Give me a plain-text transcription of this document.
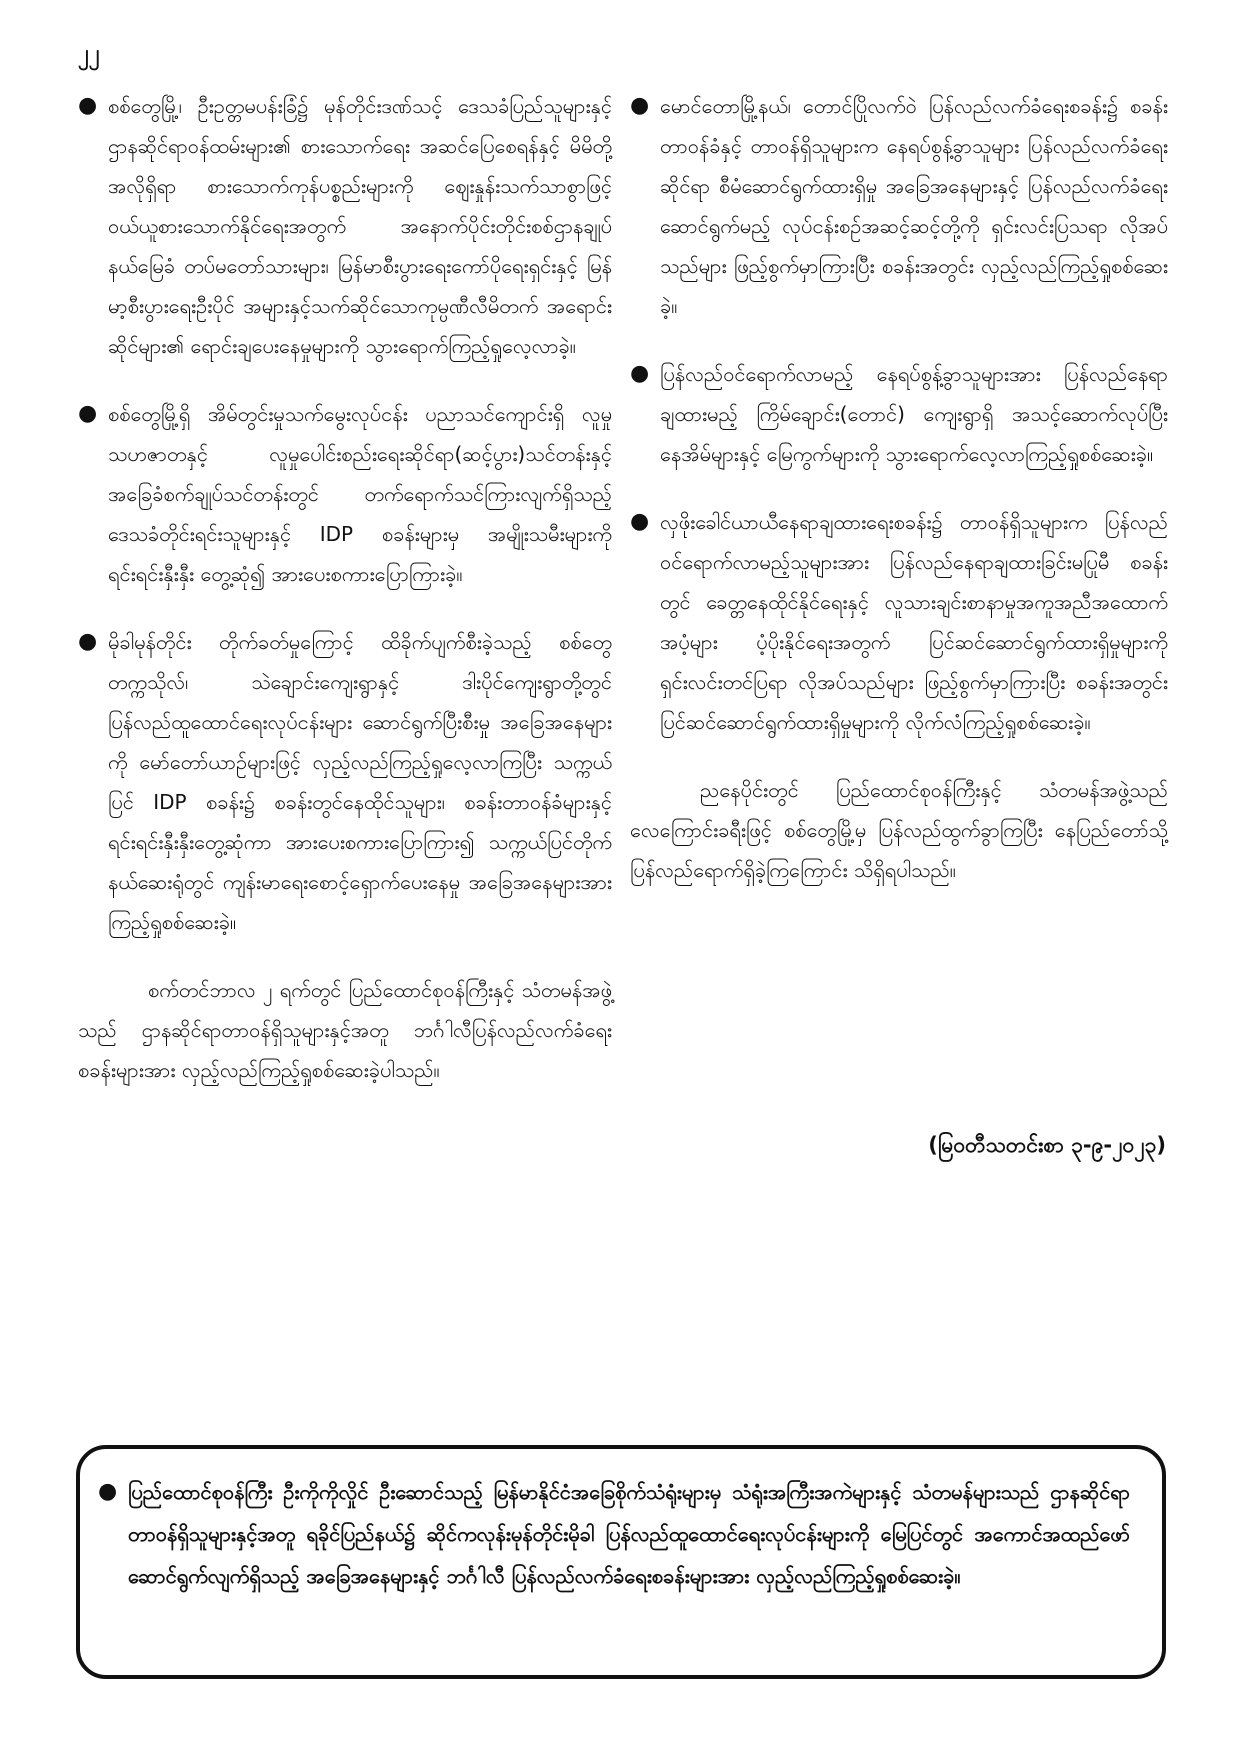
၂၂
● စစ်တွေမြို့၊ ဦးဥတ္တမပန်းခြံ၌ မုန်တိုင်းဒဏ်သင့် ဒေသခံပြည်သူများနှင့် ဌာနဆိုင်ရာဝန်ထမ်းများ၏ စားသောက်ရေး အဆင်ပြေစေရန်နှင့် မိမိတို့အလိုရှိရာ စားသောက်ကုန်ပစ္စည်းများကို ဈေးနှုန်းသက်သာစွာဖြင့် ဝယ်ယူစားသောက်နိုင်ရေးအတွက် အနောက်ပိုင်းတိုင်းစစ်ဌာနချုပ်နယ်မြေခံ တပ်မတော်သားများ၊ မြန်မာစီးပွားရေးကော်ပိုရေးရှင်းနှင့် မြန်မာ့စီးပွားရေးဦးပိုင် အများနှင့်သက်ဆိုင်သောကုမ္ပဏီလီမိတက် အရောင်းဆိုင်များ၏ ရောင်းချပေးနေမှုများကို သွားရောက်ကြည့်ရှုလေ့လာခဲ့။
● စစ်တွေမြို့ရှိ အိမ်တွင်းမှုသက်မွေးလုပ်ငန်း ပညာသင်ကျောင်းရှိ လူမှုသဟဇာတနှင့် လူမှုပေါင်းစည်းရေးဆိုင်ရာ(ဆင့်ပွား)သင်တန်းနှင့် အခြေခံစက်ချုပ်သင်တန်းတွင် တက်ရောက်သင်ကြားလျက်ရှိသည့် ဒေသခံတိုင်းရင်းသူများနှင့် IDP စခန်းများမှ အမျိုးသမီးများကို ရင်းရင်းနှီးနှီး တွေ့ဆုံ၍ အားပေးစကားပြောကြားခဲ့။
● မိုခါမုန်တိုင်း တိုက်ခတ်မှုကြောင့် ထိခိုက်ပျက်စီးခဲ့သည့် စစ်တွေတက္ကသိုလ်၊ သဲချောင်းကျေးရွာနှင့် ဒါးပိုင်ကျေးရွာတို့တွင် ပြန်လည်ထူထောင်ရေးလုပ်ငန်းများ ဆောင်ရွက်ပြီးစီးမှု အခြေအနေများကို မော်တော်ယာဉ်များဖြင့် လှည့်လည်ကြည့်ရှုလေ့လာကြပြီး သက္ကယ်ပြင် IDP စခန်း၌ စခန်းတွင်နေထိုင်သူများ၊ စခန်းတာဝန်ခံများနှင့် ရင်းရင်းနှီးနှီးတွေ့ဆုံကာ အားပေးစကားပြောကြား၍ သက္ကယ်ပြင်တိုက်နယ်ဆေးရုံတွင် ကျန်းမာရေးစောင့်ရှောက်ပေးနေမှု အခြေအနေများအား ကြည့်ရှုစစ်ဆေးခဲ့။

စက်တင်ဘာလ ၂ ရက်တွင် ပြည်ထောင်စုဝန်ကြီးနှင့် သံတမန်အဖွဲ့သည် ဌာနဆိုင်ရာတာဝန်ရှိသူများနှင့်အတူ ဘင်္ဂါလီပြန်လည်လက်ခံရေးစခန်းများအား လှည့်လည်ကြည့်ရှုစစ်ဆေးခဲ့ပါသည်။

● မောင်တောမြို့နယ်၊ တောင်ပြိုလက်ဝဲ ပြန်လည်လက်ခံရေးစခန်း၌ စခန်းတာဝန်ခံနှင့် တာဝန်ရှိသူများက နေရပ်စွန့်ခွာသူများ ပြန်လည်လက်ခံရေးဆိုင်ရာ စီမံဆောင်ရွက်ထားရှိမှု အခြေအနေများနှင့် ပြန်လည်လက်ခံရေးဆောင်ရွက်မည့် လုပ်ငန်းစဉ်အဆင့်ဆင့်တို့ကို ရှင်းလင်းပြသရာ လိုအပ်သည်များ ဖြည့်စွက်မှာကြားပြီး စခန်းအတွင်း လှည့်လည်ကြည့်ရှုစစ်ဆေးခဲ့။
● ပြန်လည်ဝင်ရောက်လာမည့် နေရပ်စွန့်ခွာသူများအား ပြန်လည်နေရာချထားမည့် ကြိမ်ချောင်း(တောင်) ကျေးရွာရှိ အသင့်ဆောက်လုပ်ပြီးနေအိမ်များနှင့် မြေကွက်များကို သွားရောက်လေ့လာကြည့်ရှုစစ်ဆေးခဲ့။
● လှဖိုးခေါင်ယာယီနေရာချထားရေးစခန်း၌ တာဝန်ရှိသူများက ပြန်လည်ဝင်ရောက်လာမည့်သူများအား ပြန်လည်နေရာချထားခြင်းမပြုမီ စခန်းတွင် ခေတ္တနေထိုင်နိုင်ရေးနှင့် လူသားချင်းစာနာမှုအကူအညီအထောက်အပံ့များ ပံ့ပိုးနိုင်ရေးအတွက် ပြင်ဆင်ဆောင်ရွက်ထားရှိမှုများကို ရှင်းလင်းတင်ပြရာ လိုအပ်သည်များ ဖြည့်စွက်မှာကြားပြီး စခန်းအတွင်း ပြင်ဆင်ဆောင်ရွက်ထားရှိမှုများကို လိုက်လံကြည့်ရှုစစ်ဆေးခဲ့။

ညနေပိုင်းတွင် ပြည်ထောင်စုဝန်ကြီးနှင့် သံတမန်အဖွဲ့သည် လေကြောင်းခရီးဖြင့် စစ်တွေမြို့မှ ပြန်လည်ထွက်ခွာကြပြီး နေပြည်တော်သို့ ပြန်လည်ရောက်ရှိခဲ့ကြကြောင်း သိရှိရပါသည်။

(မြဝတီသတင်းစာ ၃-၉-၂၀၂၃)
● ပြည်ထောင်စုဝန်ကြီး ဦးကိုကိုလှိုင် ဦးဆောင်သည့် မြန်မာနိုင်ငံအခြေစိုက်သံရုံးများမှ သံရုံးအကြီးအကဲများနှင့် သံတမန်များသည် ဌာနဆိုင်ရာတာဝန်ရှိသူများနှင့်အတူ ရခိုင်ပြည်နယ်၌ ဆိုင်ကလုန်းမုန်တိုင်းမိုခါ ပြန်လည်ထူထောင်ရေးလုပ်ငန်းများကို မြေပြင်တွင် အကောင်အထည်ဖော် ဆောင်ရွက်လျက်ရှိသည့် အခြေအနေများနှင့် ဘင်္ဂါလီ ပြန်လည်လက်ခံရေးစခန်းများအား လှည့်လည်ကြည့်ရှုစစ်ဆေးခဲ့။
